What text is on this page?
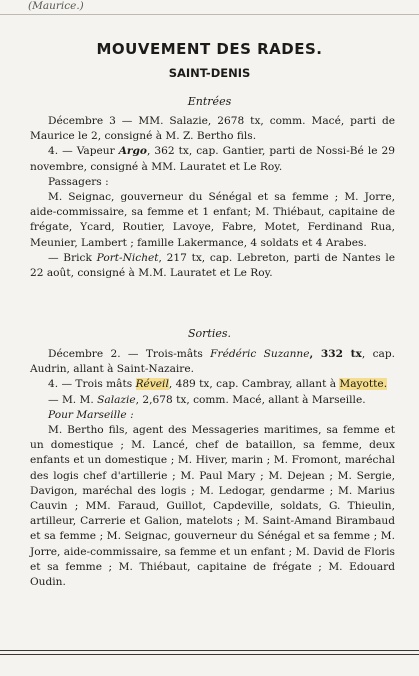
(Maurice.)
MOUVEMENT DES RADES.
SAINT-DENIS
Entrées

Décembre 3 — MM. Salazie, 2678 tx, comm. Macé, parti de Maurice le 2, consigné à M. Z. Bertho fils.

4. — Vapeur Argo, 362 tx, cap. Gantier, parti de Nossi-Bé le 29 novembre, consigné à MM. Lauratet et Le Roy.

Passagers :

M. Seignac, gouverneur du Sénégal et sa femme ; M. Jorre, aide-commissaire, sa femme et 1 enfant; M. Thiébaut, capitaine de frégate, Ycard, Routier, Lavoye, Fabre, Motet, Ferdinand Rua, Meunier, Lambert ; famille Lakermance, 4 soldats et 4 Arabes.

— Brick Port-Nichet, 217 tx, cap. Lebreton, parti de Nantes le 22 août, consigné à M.M. Lauratet et Le Roy.

Sorties.

Décembre 2. — Trois-mâts Frédéric Suzanne, 332 tx, cap. Audrin, allant à Saint-Nazaire.

4. — Trois mâts Réveil, 489 tx, cap. Cambray, allant à Mayotte.

— M. M. Salazie, 2,678 tx, comm. Macé, allant à Marseille.

Pour Marseille :

M. Bertho fils, agent des Messageries maritimes, sa femme et un domestique ; M. Lancé, chef de bataillon, sa femme, deux enfants et un domestique ; M. Hiver, marin ; M. Fromont, maréchal des logis chef d'artillerie ; M. Paul Mary ; M. Dejean ; M. Sergie, Davigon, maréchal des logis ; M. Ledogar, gendarme ; M. Marius Cauvin ; MM. Faraud, Guillot, Capdeville, soldats, G. Thieulin, artilleur, Carrerie et Galion, matelots ; M. Saint-Amand Birambaud et sa femme ; M. Seignac, gouverneur du Sénégal et sa femme ; M. Jorre, aide-commissaire, sa femme et un enfant ; M. David de Floris et sa femme ; M. Thiébaut, capitaine de frégate ; M. Edouard Oudin.
